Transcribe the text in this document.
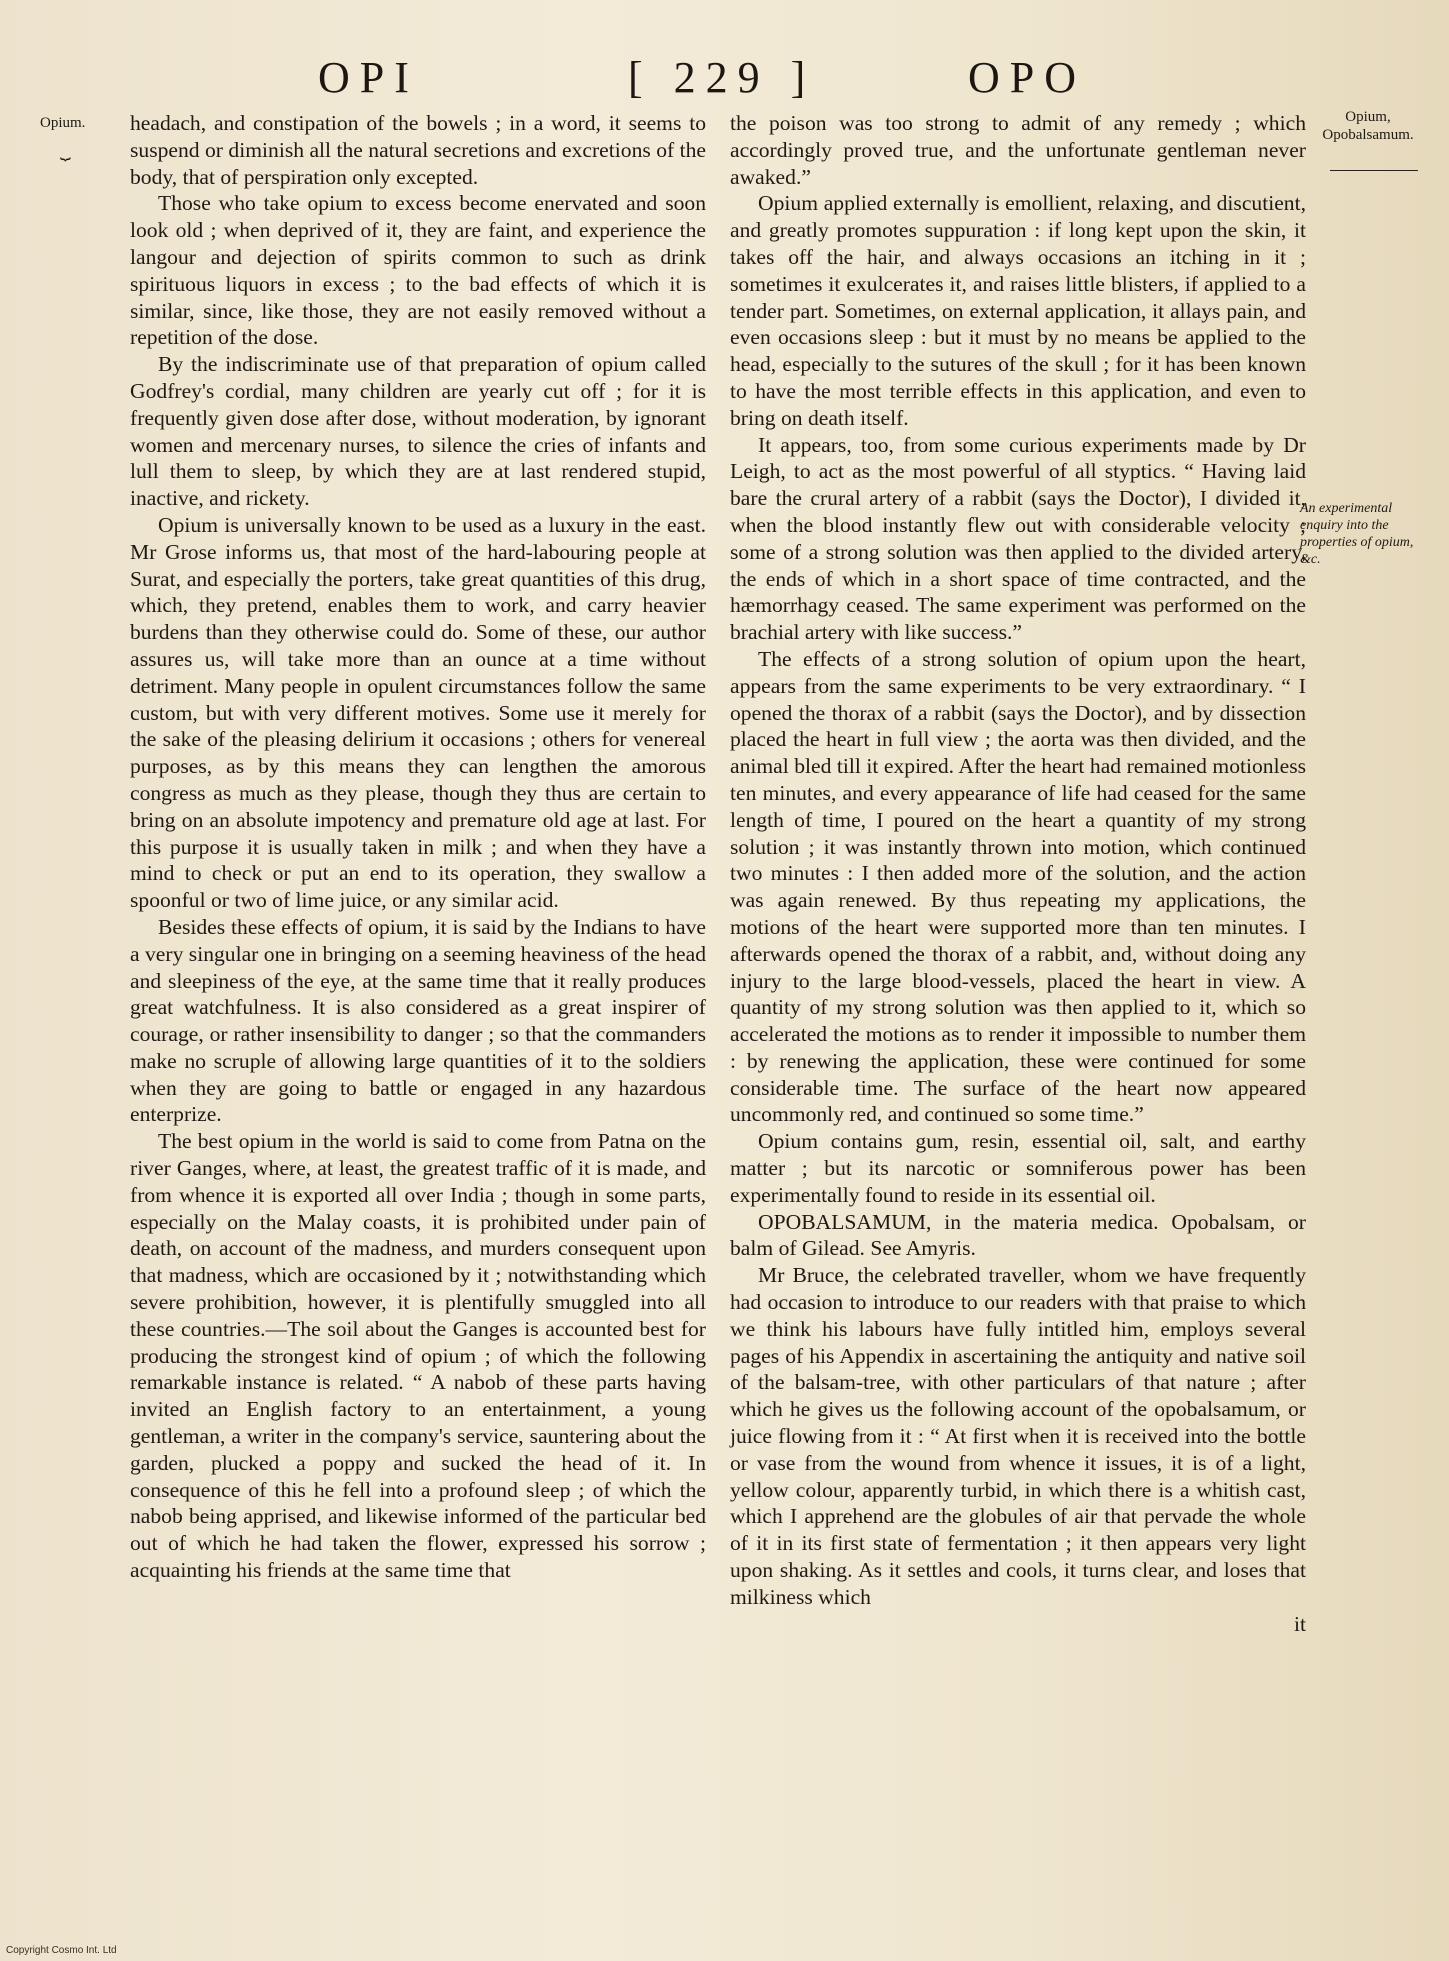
OPI	[ 229 ]	OPO
Opium.
⏟
Opium, Opobalsamum.
An experimental enquiry into the properties of opium, &c.

headach, and constipation of the bowels ; in a word, it seems to suspend or diminish all the natural secretions and excretions of the body, that of perspiration only excepted.

Those who take opium to excess become enervated and soon look old ; when deprived of it, they are faint, and experience the langour and dejection of spirits common to such as drink spirituous liquors in excess ; to the bad effects of which it is similar, since, like those, they are not easily removed without a repetition of the dose.

By the indiscriminate use of that preparation of opium called Godfrey's cordial, many children are yearly cut off ; for it is frequently given dose after dose, without moderation, by ignorant women and mercenary nurses, to silence the cries of infants and lull them to sleep, by which they are at last rendered stupid, inactive, and rickety.

Opium is universally known to be used as a luxury in the east. Mr Grose informs us, that most of the hard-labouring people at Surat, and especially the porters, take great quantities of this drug, which, they pretend, enables them to work, and carry heavier burdens than they otherwise could do. Some of these, our author assures us, will take more than an ounce at a time without detriment. Many people in opulent circumstances follow the same custom, but with very different motives. Some use it merely for the sake of the pleasing delirium it occasions ; others for venereal purposes, as by this means they can lengthen the amorous congress as much as they please, though they thus are certain to bring on an absolute impotency and premature old age at last. For this purpose it is usually taken in milk ; and when they have a mind to check or put an end to its operation, they swallow a spoonful or two of lime juice, or any similar acid.

Besides these effects of opium, it is said by the Indians to have a very singular one in bringing on a seeming heaviness of the head and sleepiness of the eye, at the same time that it really produces great watchfulness. It is also considered as a great inspirer of courage, or rather insensibility to danger ; so that the commanders make no scruple of allowing large quantities of it to the soldiers when they are going to battle or engaged in any hazardous enterprize.

The best opium in the world is said to come from Patna on the river Ganges, where, at least, the greatest traffic of it is made, and from whence it is exported all over India ; though in some parts, especially on the Malay coasts, it is prohibited under pain of death, on account of the madness, and murders consequent upon that madness, which are occasioned by it ; notwithstanding which severe prohibition, however, it is plentifully smuggled into all these countries.—The soil about the Ganges is accounted best for producing the strongest kind of opium ; of which the following remarkable instance is related. “ A nabob of these parts having invited an English factory to an entertainment, a young gentleman, a writer in the company's service, sauntering about the garden, plucked a poppy and sucked the head of it. In consequence of this he fell into a profound sleep ; of which the nabob being apprised, and likewise informed of the particular bed out of which he had taken the flower, expressed his sorrow ; acquainting his friends at the same time that

the poison was too strong to admit of any remedy ; which accordingly proved true, and the unfortunate gentleman never awaked.”

Opium applied externally is emollient, relaxing, and discutient, and greatly promotes suppuration : if long kept upon the skin, it takes off the hair, and always occasions an itching in it ; sometimes it exulcerates it, and raises little blisters, if applied to a tender part. Sometimes, on external application, it allays pain, and even occasions sleep : but it must by no means be applied to the head, especially to the sutures of the skull ; for it has been known to have the most terrible effects in this application, and even to bring on death itself.

It appears, too, from some curious experiments made by Dr Leigh, to act as the most powerful of all styptics. “ Having laid bare the crural artery of a rabbit (says the Doctor), I divided it, when the blood instantly flew out with considerable velocity ; some of a strong solution was then applied to the divided artery, the ends of which in a short space of time contracted, and the hæmorrhagy ceased. The same experiment was performed on the brachial artery with like success.”

The effects of a strong solution of opium upon the heart, appears from the same experiments to be very extraordinary. “ I opened the thorax of a rabbit (says the Doctor), and by dissection placed the heart in full view ; the aorta was then divided, and the animal bled till it expired. After the heart had remained motionless ten minutes, and every appearance of life had ceased for the same length of time, I poured on the heart a quantity of my strong solution ; it was instantly thrown into motion, which continued two minutes : I then added more of the solution, and the action was again renewed. By thus repeating my applications, the motions of the heart were supported more than ten minutes. I afterwards opened the thorax of a rabbit, and, without doing any injury to the large blood-vessels, placed the heart in view. A quantity of my strong solution was then applied to it, which so accelerated the motions as to render it impossible to number them : by renewing the application, these were continued for some considerable time. The surface of the heart now appeared uncommonly red, and continued so some time.”

Opium contains gum, resin, essential oil, salt, and earthy matter ; but its narcotic or somniferous power has been experimentally found to reside in its essential oil.

OPOBALSAMUM, in the materia medica. Opobalsam, or balm of Gilead. See Amyris.

Mr Bruce, the celebrated traveller, whom we have frequently had occasion to introduce to our readers with that praise to which we think his labours have fully intitled him, employs several pages of his Appendix in ascertaining the antiquity and native soil of the balsam-tree, with other particulars of that nature ; after which he gives us the following account of the opobalsamum, or juice flowing from it : “ At first when it is received into the bottle or vase from the wound from whence it issues, it is of a light, yellow colour, apparently turbid, in which there is a whitish cast, which I apprehend are the globules of air that pervade the whole of it in its first state of fermentation ; it then appears very light upon shaking. As it settles and cools, it turns clear, and loses that milkiness which

it

Copyright Cosmo Int. Ltd
